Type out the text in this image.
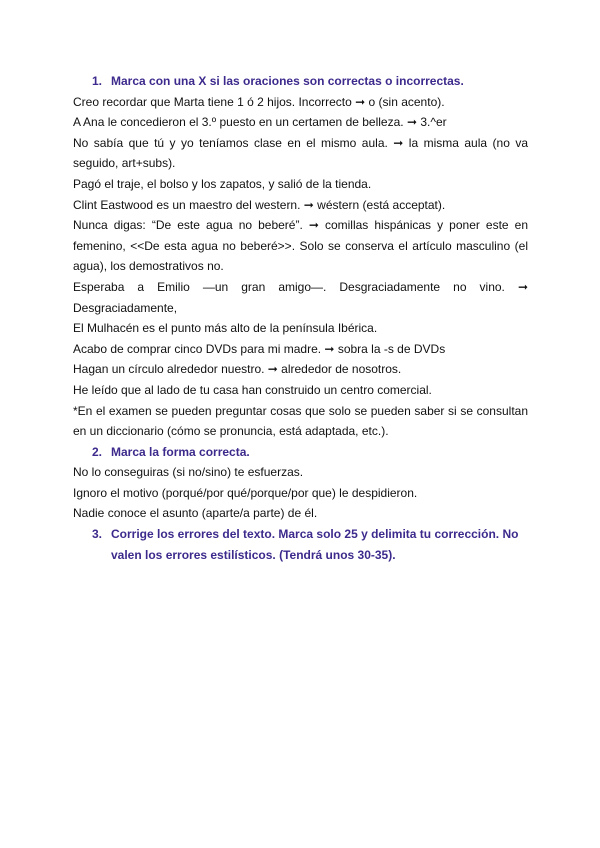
1. Marca con una X si las oraciones son correctas o incorrectas.

Creo recordar que Marta tiene 1 ó 2 hijos. Incorrecto ➞ o (sin acento).

A Ana le concedieron el 3.º puesto en un certamen de belleza. ➞ 3.^er

No sabía que tú y yo teníamos clase en el mismo aula. ➞ la misma aula (no va seguido, art+subs).

Pagó el traje, el bolso y los zapatos, y salió de la tienda.

Clint Eastwood es un maestro del western. ➞ wéstern (está acceptat).

Nunca digas: “De este agua no beberé”. ➞ comillas hispánicas y poner este en femenino, <<De esta agua no beberé>>. Solo se conserva el artículo masculino (el agua), los demostrativos no.

Esperaba a Emilio —un gran amigo—. Desgraciadamente no vino. ➞ Desgraciadamente,

El Mulhacén es el punto más alto de la península Ibérica.

Acabo de comprar cinco DVDs para mi madre. ➞ sobra la -s de DVDs

Hagan un círculo alrededor nuestro. ➞ alrededor de nosotros.

He leído que al lado de tu casa han construido un centro comercial.

*En el examen se pueden preguntar cosas que solo se pueden saber si se consultan en un diccionario (cómo se pronuncia, está adaptada, etc.).

2. Marca la forma correcta.

No lo conseguiras (si no/sino) te esfuerzas.

Ignoro el motivo (porqué/por qué/porque/por que) le despidieron.

Nadie conoce el asunto (aparte/a parte) de él.

3. Corrige los errores del texto. Marca solo 25 y delimita tu corrección. No valen los errores estilísticos. (Tendrá unos 30-35).
